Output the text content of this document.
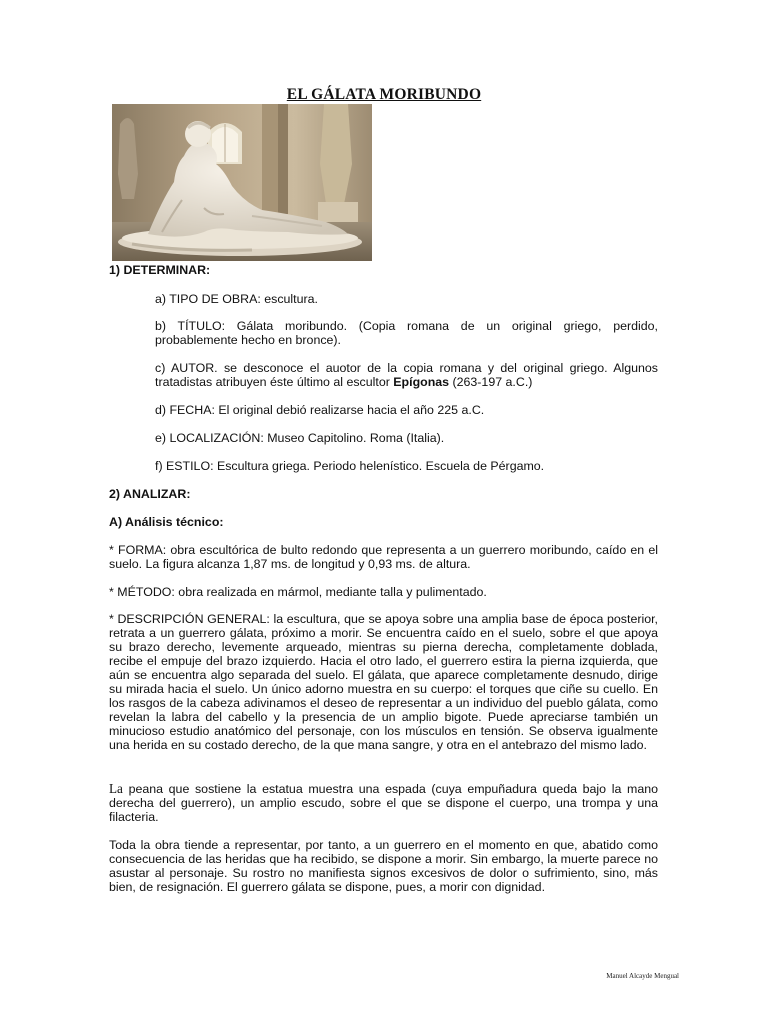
EL GÁLATA MORIBUNDO
1) DETERMINAR:
a) TIPO DE OBRA: escultura.
b) TÍTULO: Gálata moribundo. (Copia romana de un original griego, perdido, probablemente hecho en bronce).
c) AUTOR. se desconoce el auotor de la copia romana y del original griego. Algunos tratadistas atribuyen éste último al escultor Epígonas (263-197 a.C.)
d) FECHA: El original debió realizarse hacia el año 225 a.C.
e) LOCALIZACIÓN: Museo Capitolino. Roma (Italia).
f) ESTILO: Escultura griega. Periodo helenístico. Escuela de Pérgamo.
2) ANALIZAR:
A) Análisis técnico:
* FORMA: obra escultórica de bulto redondo que representa a un guerrero moribundo, caído en el suelo. La figura alcanza 1,87 ms. de longitud y 0,93 ms. de altura.
* MÉTODO: obra realizada en mármol, mediante talla y pulimentado.
* DESCRIPCIÓN GENERAL: la escultura, que se apoya sobre una amplia base de época posterior, retrata a un guerrero gálata, próximo a morir. Se encuentra caído en el suelo, sobre el que apoya su brazo derecho, levemente arqueado, mientras su pierna derecha, completamente doblada, recibe el empuje del brazo izquierdo. Hacia el otro lado, el guerrero estira la pierna izquierda, que aún se encuentra algo separada del suelo. El gálata, que aparece completamente desnudo, dirige su mirada hacia el suelo. Un único adorno muestra en su cuerpo: el torques que ciñe su cuello. En los rasgos de la cabeza adivinamos el deseo de representar a un individuo del pueblo gálata, como revelan la labra del cabello y la presencia de un amplio bigote. Puede apreciarse también un minucioso estudio anatómico del personaje, con los músculos en tensión. Se observa igualmente una herida en su costado derecho, de la que mana sangre, y otra en el antebrazo del mismo lado.
La peana que sostiene la estatua muestra una espada (cuya empuñadura queda bajo la mano derecha del guerrero), un amplio escudo, sobre el que se dispone el cuerpo, una trompa y una filacteria.
Toda la obra tiende a representar, por tanto, a un guerrero en el momento en que, abatido como consecuencia de las heridas que ha recibido, se dispone a morir. Sin embargo, la muerte parece no asustar al personaje. Su rostro no manifiesta signos excesivos de dolor o sufrimiento, sino, más bien, de resignación. El guerrero gálata se dispone, pues, a morir con dignidad.
Manuel Alcayde Mengual
